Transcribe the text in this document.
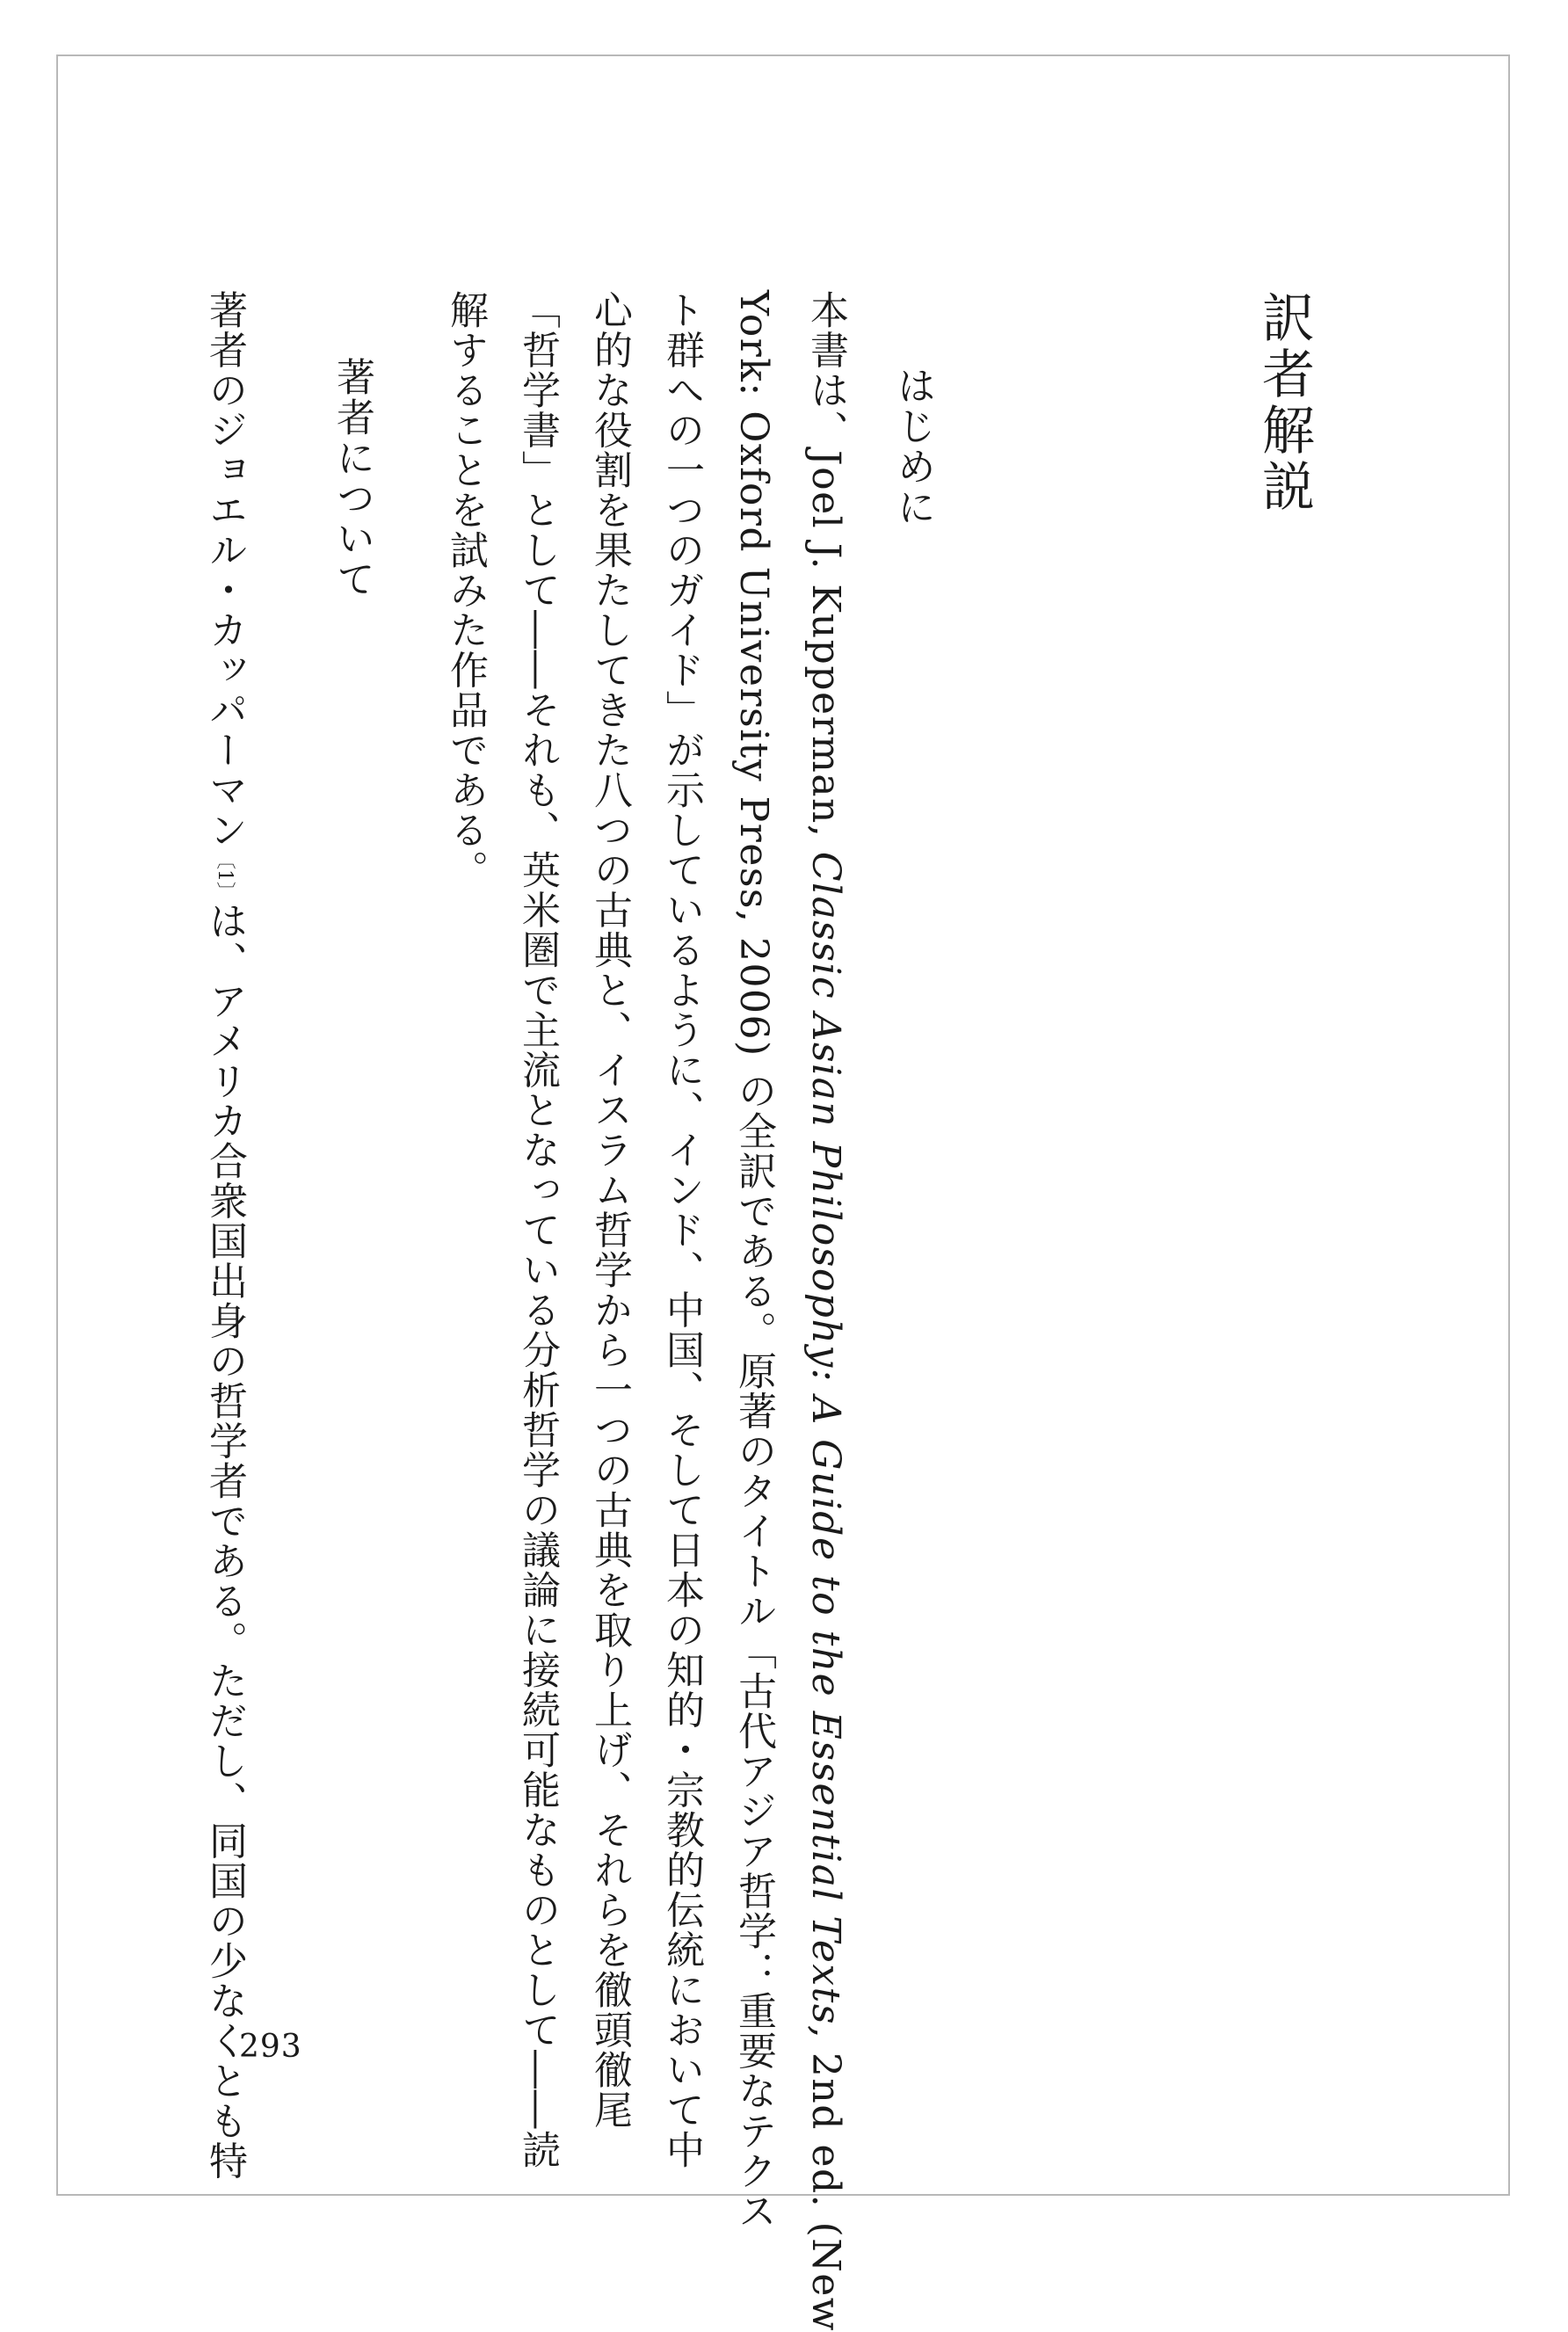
訳者解説
はじめに
本書は、Joel J. Kupperman, Classic Asian Philosophy: A Guide to the Essential Texts, 2nd ed. (New
York: Oxford University Press, 2006) の全訳である。原著のタイトル「古代アジア哲学：重要なテクス
ト群への一つのガイド」が示しているように、インド、中国、そして日本の知的・宗教的伝統において中
心的な役割を果たしてきた八つの古典と、イスラム哲学から一つの古典を取り上げ、それらを徹頭徹尾
「哲学書」として――それも、英米圏で主流となっている分析哲学の議論に接続可能なものとして――読
解することを試みた作品である。
著者について
著者のジョエル・カッパーマン〔1〕は、アメリカ合衆国出身の哲学者である。ただし、同国の少なくとも特
293
